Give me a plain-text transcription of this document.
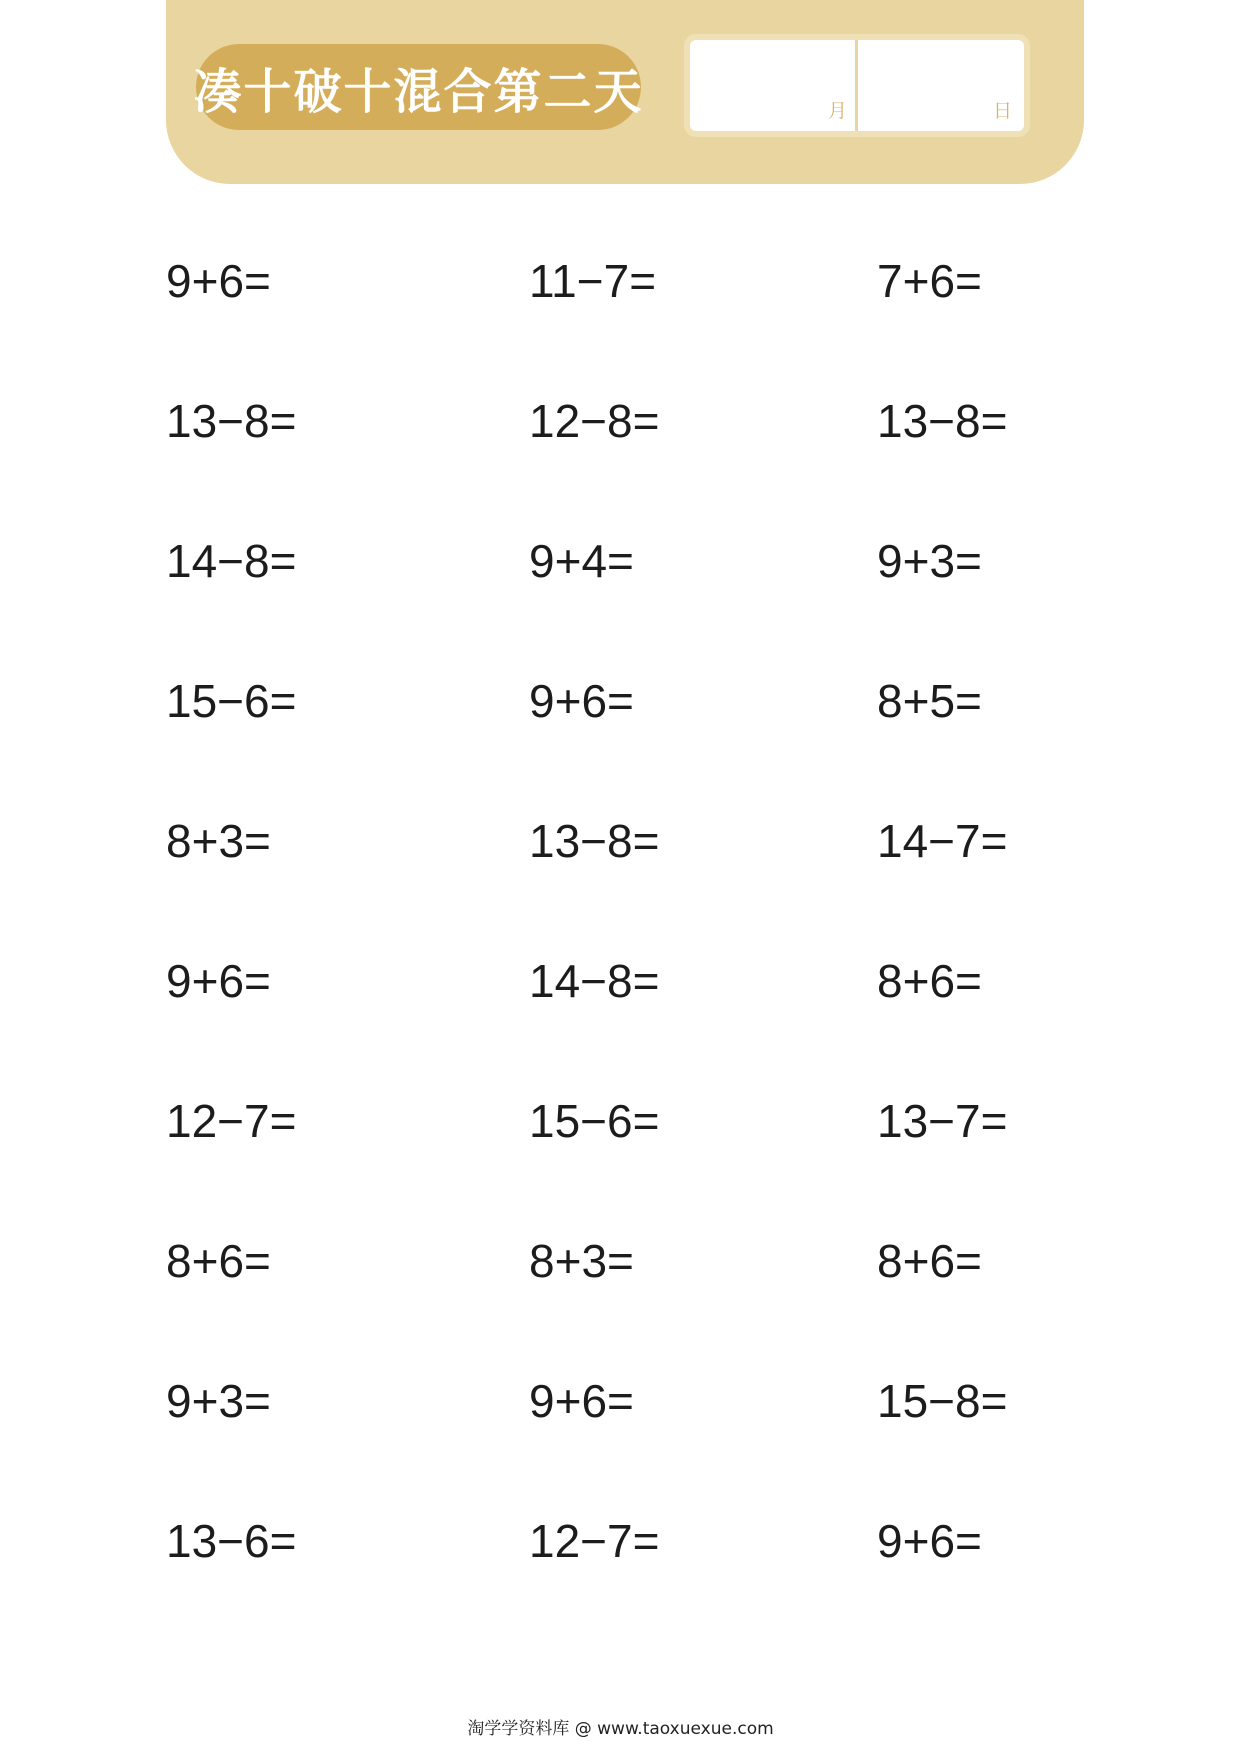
凑十破十混合第二天	月	日
9+6=	11−7=	7+6=
13−8=	12−8=	13−8=
14−8=	9+4=	9+3=
15−6=	9+6=	8+5=
8+3=	13−8=	14−7=
9+6=	14−8=	8+6=
12−7=	15−6=	13−7=
8+6=	8+3=	8+6=
9+3=	9+6=	15−8=
13−6=	12−7=	9+6=
淘学学资料库 @ www.taoxuexue.com
